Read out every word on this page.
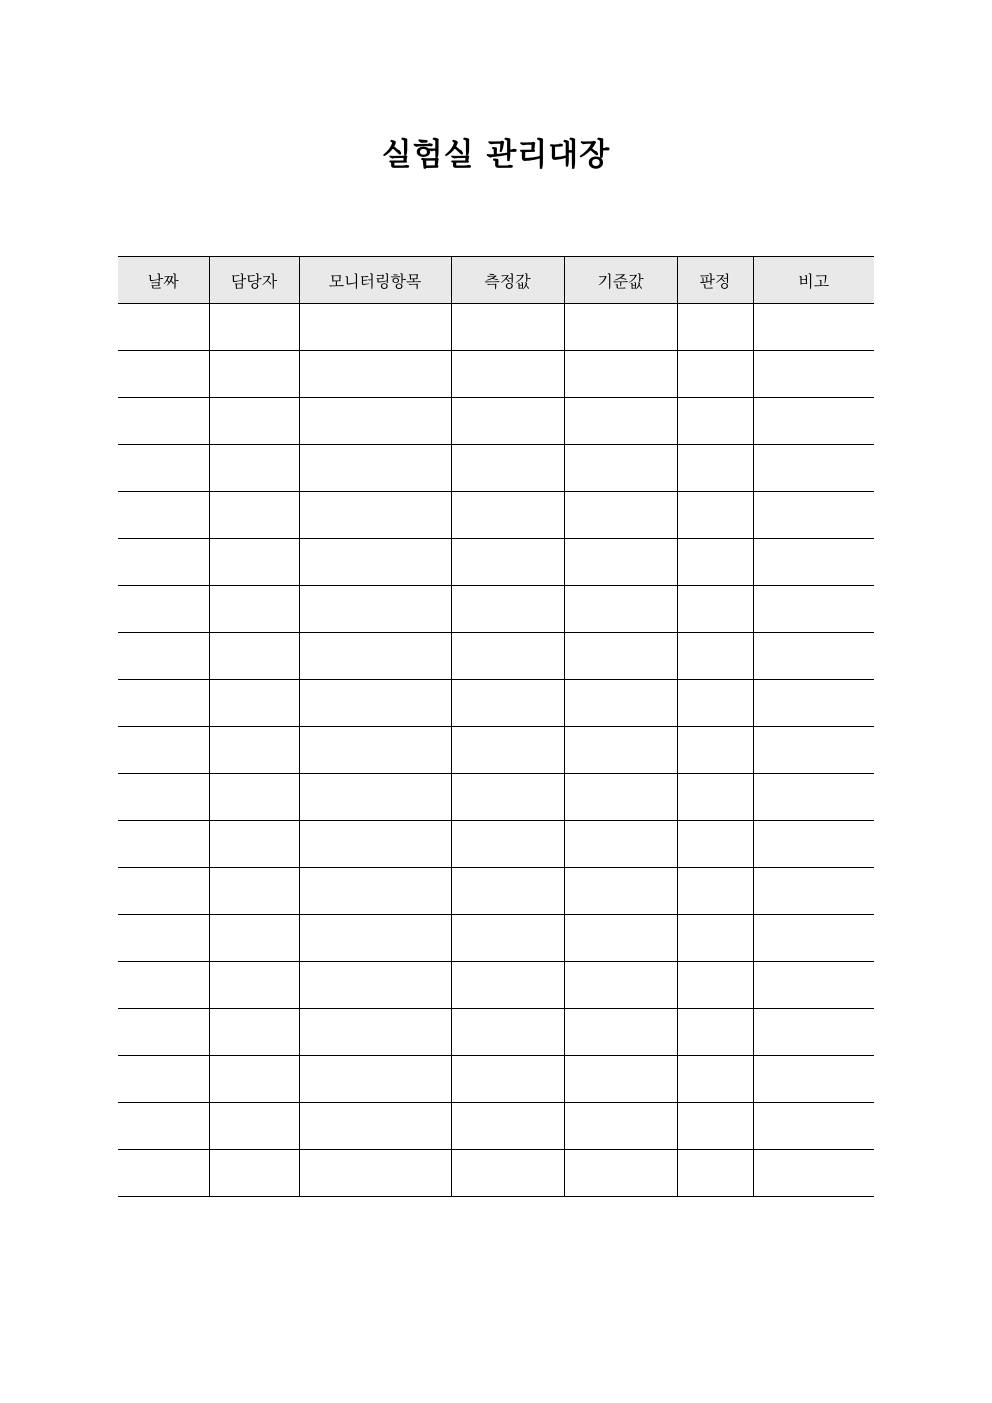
실험실 관리대장
날짜	담당자	모니터링항목	측정값	기준값	판정	비고
